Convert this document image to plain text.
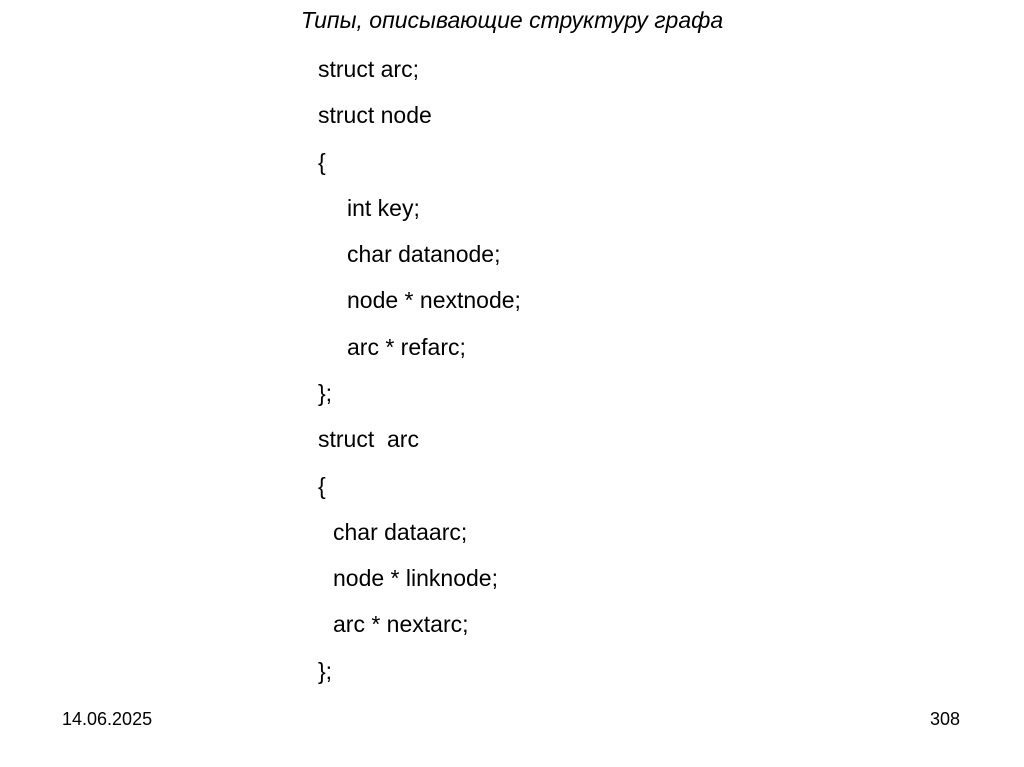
Типы, описывающие структуру графа
struct arc;
struct node
{
int key;
char datanode;
node * nextnode;
arc * refarc;
};
struct  arc
{
char dataarc;
node * linknode;
arc * nextarc;
};
14.06.2025	308
